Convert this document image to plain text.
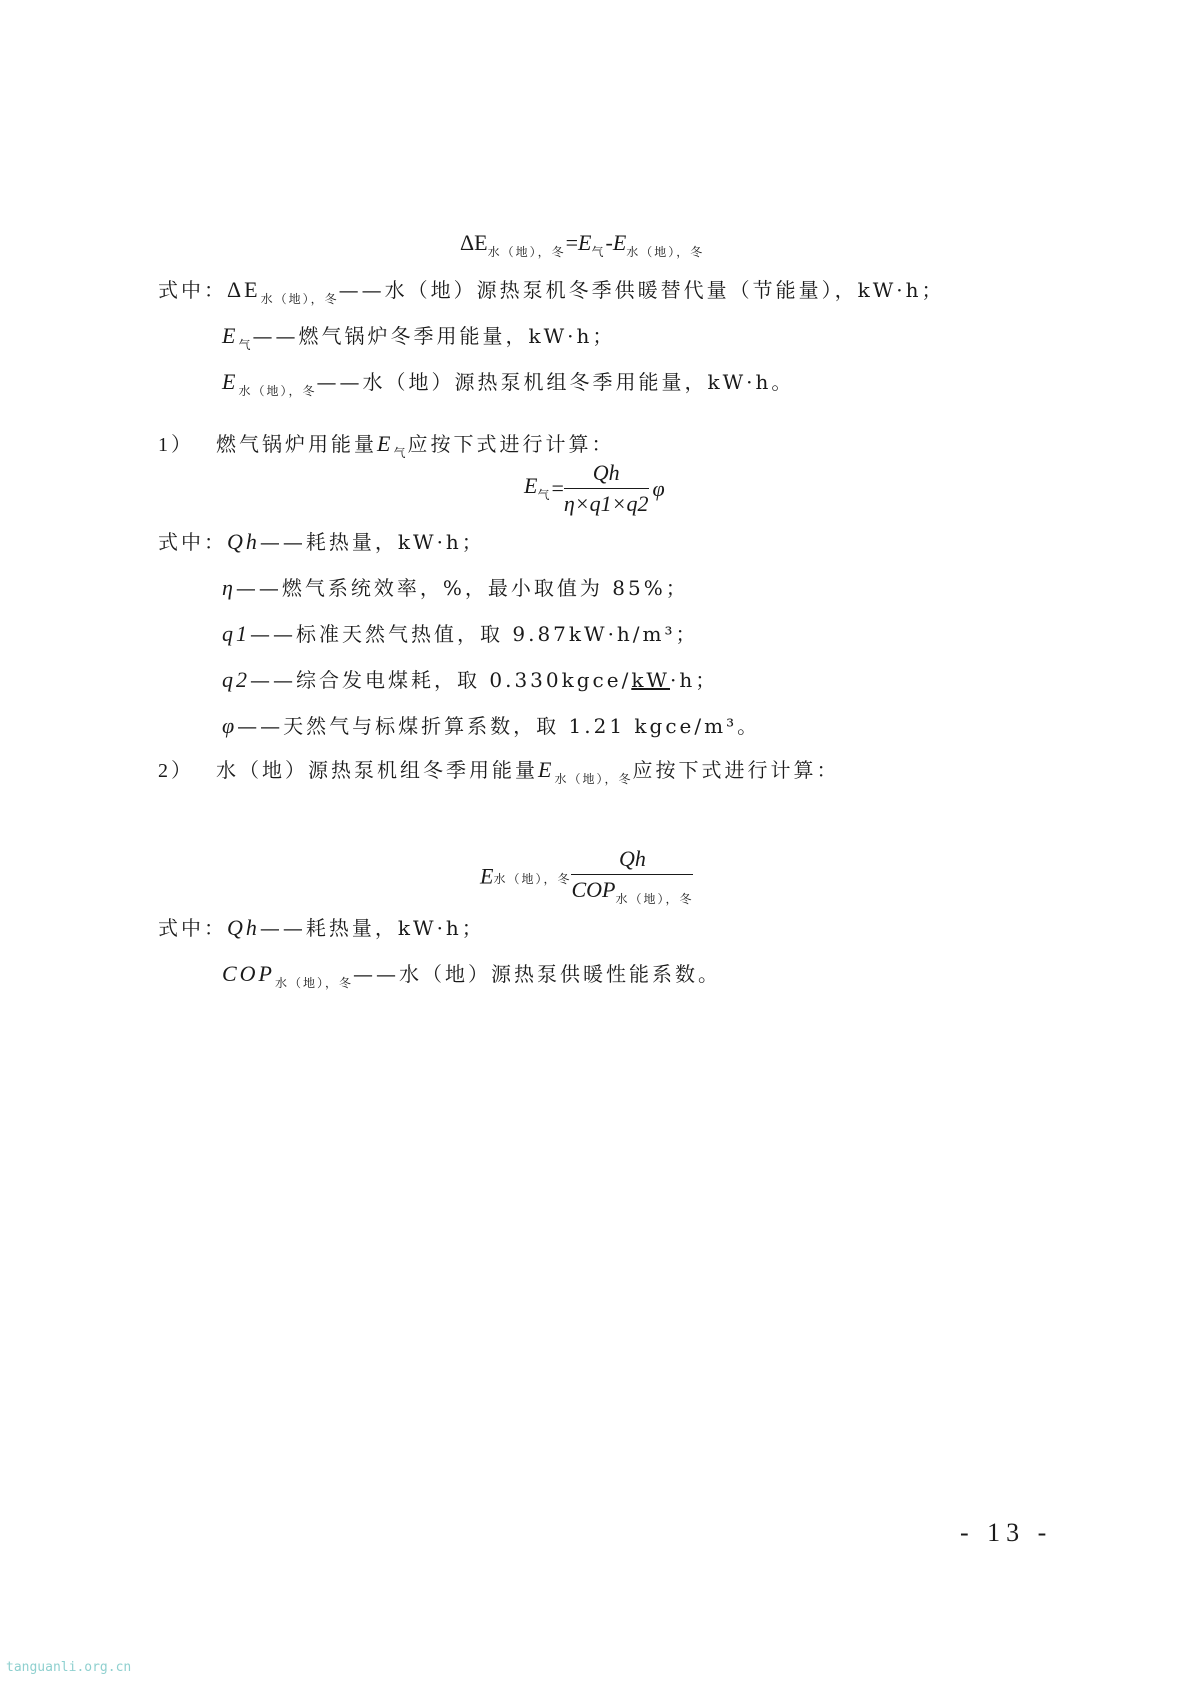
$\Delta E_{水(地),冬}=E_气-E_{水(地),冬}$
式中：$\Delta E_{水(地),冬}——$水（地）源热泵机冬季供暖替代量（节能量），kW·h；
$E_气——$燃气锅炉冬季用能量，kW·h；
$E_{水(地),冬}——$水（地）源热泵机组冬季用能量，kW·h。
1） 燃气锅炉用能量$E_气$应按下式进行计算：
$E_气= \frac{Qh}{\eta\times q1\times q2}$ φ
式中：Qh——耗热量，kW·h；
η——燃气系统效率，%，最小取值为 85%；
q1——标准天然气热值，取 9.87kW·h/m³；
q2——综合发电煤耗，取 0.330kgce/kW·h；
φ——天然气与标煤折算系数，取 1.21 kgce/m³。
2） 水（地）源热泵机组冬季用能量$E_{水(地),冬}$应按下式进行计算：
E水（地），冬 $\frac{Qh}{COP_{水(地),冬}}$
式中：Qh——耗热量，kW·h；
$COP_{水(地),冬}——$水（地）源热泵供暖性能系数。
- 13 -
tanguanli.org.cn
